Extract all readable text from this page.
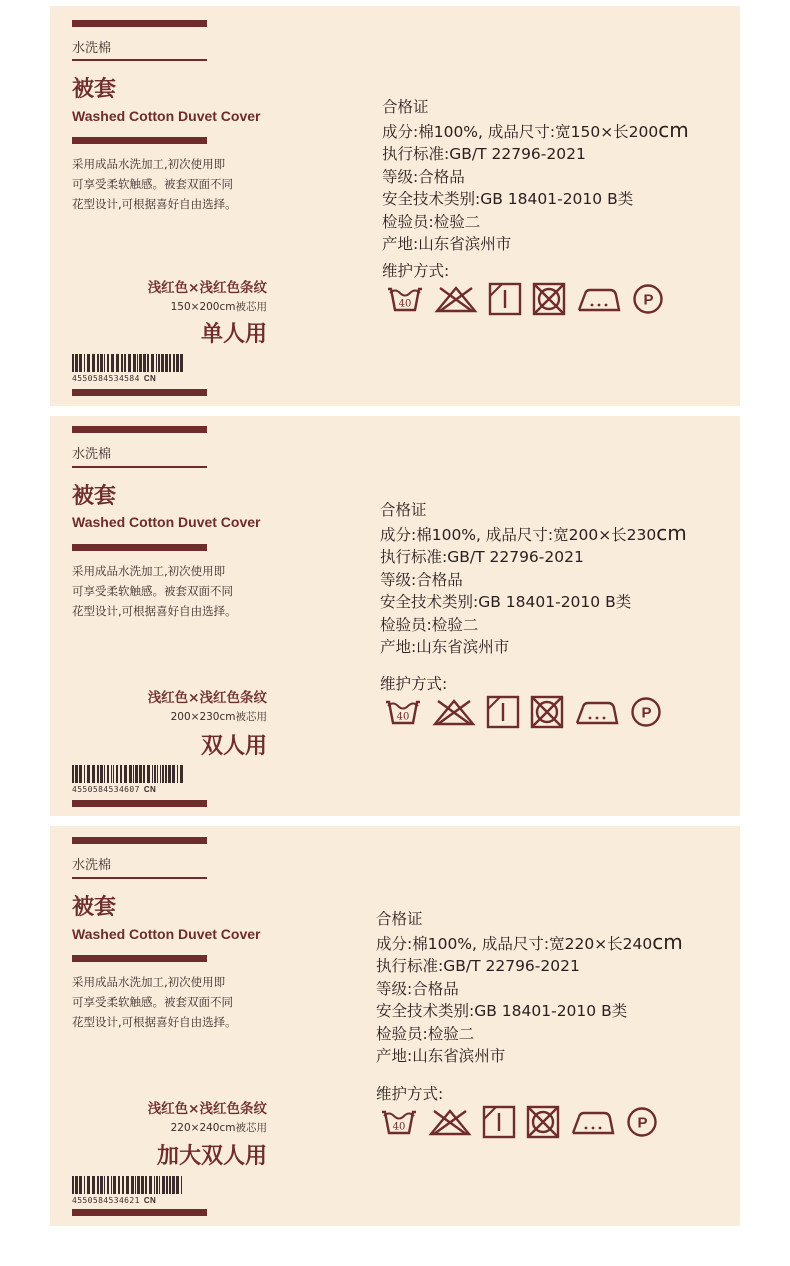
水洗棉
被套
Washed Cotton Duvet Cover
采用成品水洗加工,初次使用即
可享受柔软触感。被套双面不同
花型设计,可根据喜好自由选择。
浅红色×浅红色条纹
150×200cm被芯用
单人用
4550584534584 CN
合格证
成分:棉100%, 成品尺寸:宽150×长200cm
执行标准:GB/T 22796-2021
等级:合格品
安全技术类别:GB 18401-2010 B类
检验员:检验二
产地:山东省滨州市
维护方式:
40	P
水洗棉
被套
Washed Cotton Duvet Cover
采用成品水洗加工,初次使用即
可享受柔软触感。被套双面不同
花型设计,可根据喜好自由选择。
浅红色×浅红色条纹
200×230cm被芯用
双人用
4550584534607 CN
合格证
成分:棉100%, 成品尺寸:宽200×长230cm
执行标准:GB/T 22796-2021
等级:合格品
安全技术类别:GB 18401-2010 B类
检验员:检验二
产地:山东省滨州市
维护方式:
40	P
水洗棉
被套
Washed Cotton Duvet Cover
采用成品水洗加工,初次使用即
可享受柔软触感。被套双面不同
花型设计,可根据喜好自由选择。
浅红色×浅红色条纹
220×240cm被芯用
加大双人用
4550584534621 CN
合格证
成分:棉100%, 成品尺寸:宽220×长240cm
执行标准:GB/T 22796-2021
等级:合格品
安全技术类别:GB 18401-2010 B类
检验员:检验二
产地:山东省滨州市
维护方式:
40	P
